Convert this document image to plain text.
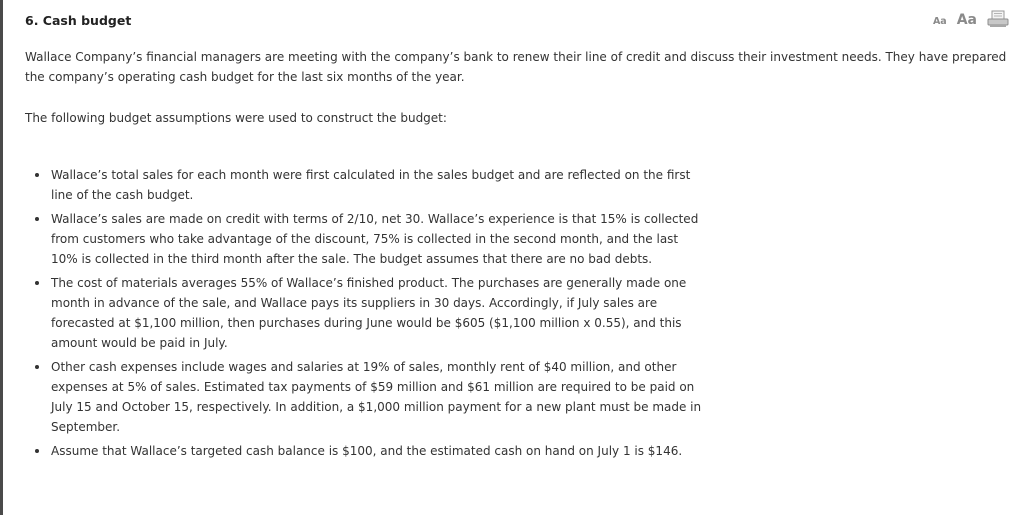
6. Cash budget	Aa Aa

Wallace Company’s financial managers are meeting with the company’s bank to renew their line of credit and discuss their investment needs. They have prepared the company’s operating cash budget for the last six months of the year.

The following budget assumptions were used to construct the budget:

Wallace’s total sales for each month were first calculated in the sales budget and are reflected on the first line of the cash budget.
Wallace’s sales are made on credit with terms of 2/10, net 30. Wallace’s experience is that 15% is collected from customers who take advantage of the discount, 75% is collected in the second month, and the last 10% is collected in the third month after the sale. The budget assumes that there are no bad debts.
The cost of materials averages 55% of Wallace’s finished product. The purchases are generally made one month in advance of the sale, and Wallace pays its suppliers in 30 days. Accordingly, if July sales are forecasted at $1,100 million, then purchases during June would be $605 ($1,100 million x 0.55), and this amount would be paid in July.
Other cash expenses include wages and salaries at 19% of sales, monthly rent of $40 million, and other expenses at 5% of sales. Estimated tax payments of $59 million and $61 million are required to be paid on July 15 and October 15, respectively. In addition, a $1,000 million payment for a new plant must be made in September.
Assume that Wallace’s targeted cash balance is $100, and the estimated cash on hand on July 1 is $146.
